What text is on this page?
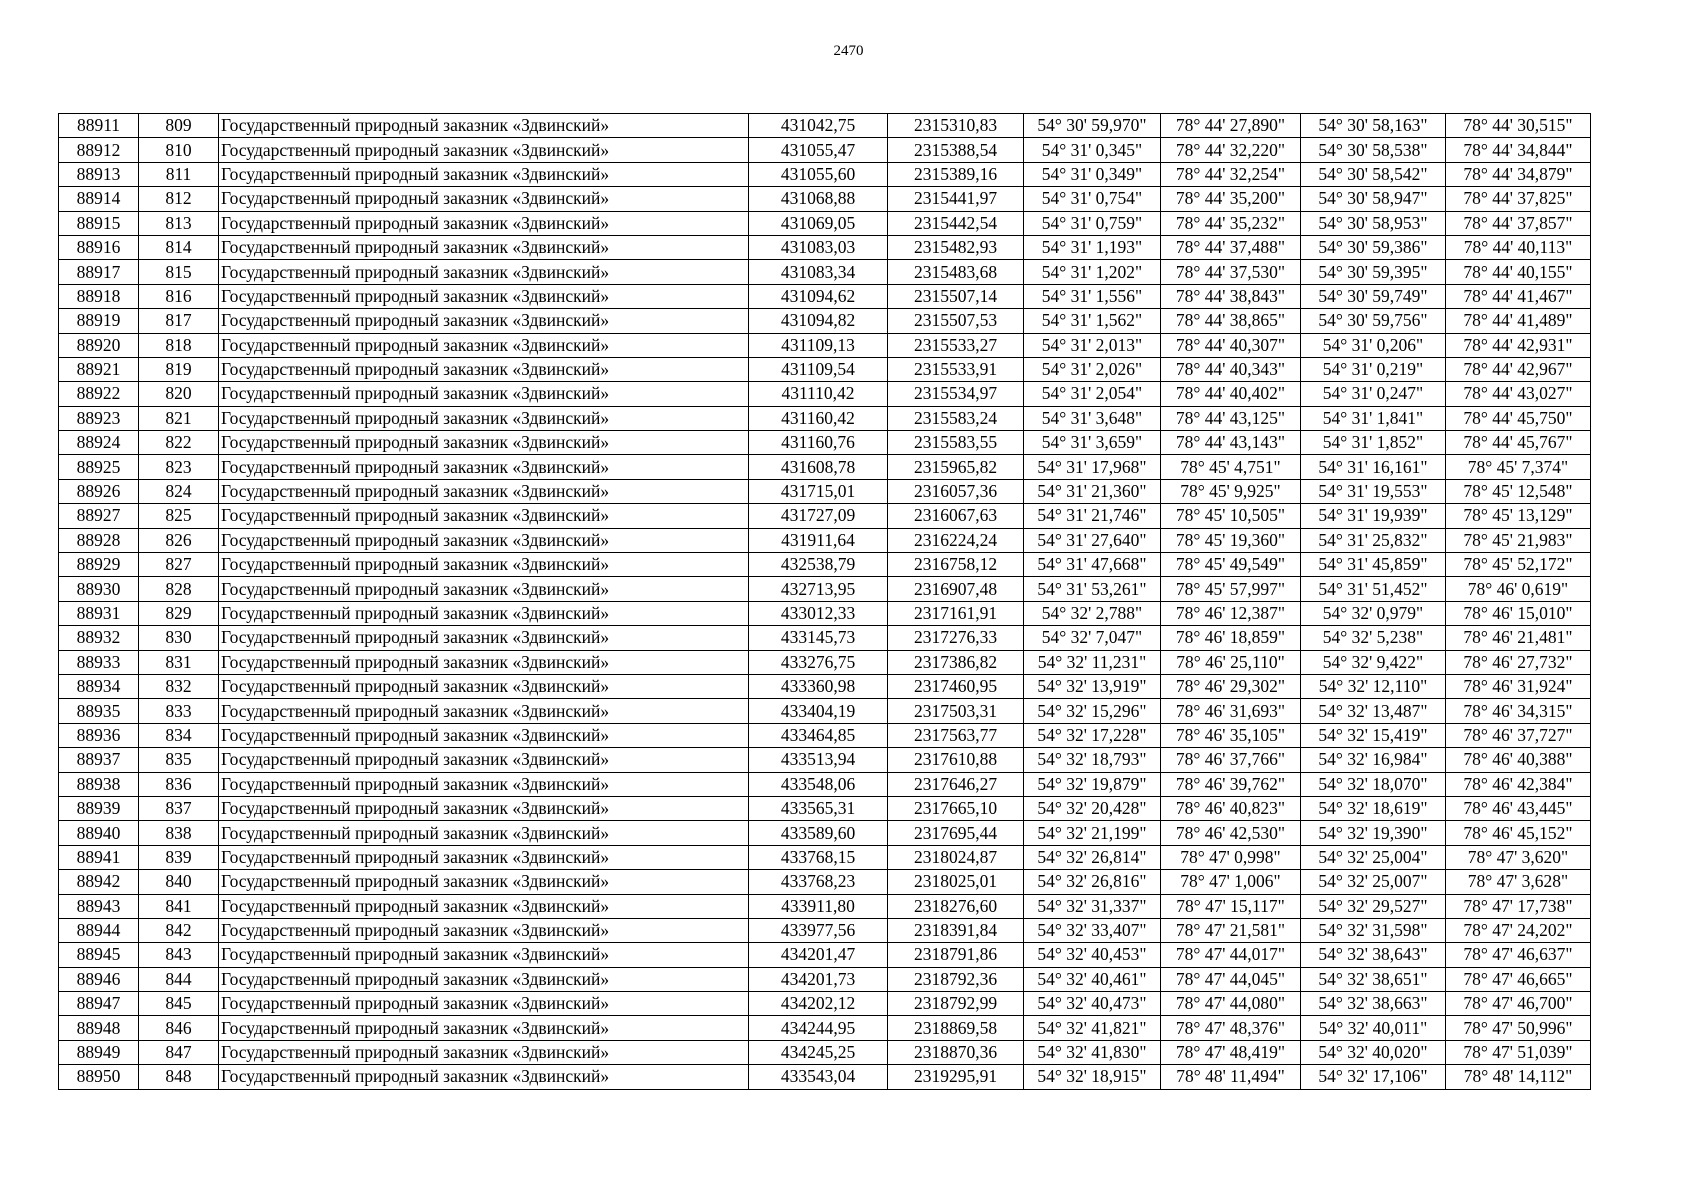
2470
88911	809	Государственный природный заказник «Здвинский»	431042,75	2315310,83	54° 30' 59,970"	78° 44' 27,890"	54° 30' 58,163"	78° 44' 30,515"
88912	810	Государственный природный заказник «Здвинский»	431055,47	2315388,54	54° 31' 0,345"	78° 44' 32,220"	54° 30' 58,538"	78° 44' 34,844"
88913	811	Государственный природный заказник «Здвинский»	431055,60	2315389,16	54° 31' 0,349"	78° 44' 32,254"	54° 30' 58,542"	78° 44' 34,879"
88914	812	Государственный природный заказник «Здвинский»	431068,88	2315441,97	54° 31' 0,754"	78° 44' 35,200"	54° 30' 58,947"	78° 44' 37,825"
88915	813	Государственный природный заказник «Здвинский»	431069,05	2315442,54	54° 31' 0,759"	78° 44' 35,232"	54° 30' 58,953"	78° 44' 37,857"
88916	814	Государственный природный заказник «Здвинский»	431083,03	2315482,93	54° 31' 1,193"	78° 44' 37,488"	54° 30' 59,386"	78° 44' 40,113"
88917	815	Государственный природный заказник «Здвинский»	431083,34	2315483,68	54° 31' 1,202"	78° 44' 37,530"	54° 30' 59,395"	78° 44' 40,155"
88918	816	Государственный природный заказник «Здвинский»	431094,62	2315507,14	54° 31' 1,556"	78° 44' 38,843"	54° 30' 59,749"	78° 44' 41,467"
88919	817	Государственный природный заказник «Здвинский»	431094,82	2315507,53	54° 31' 1,562"	78° 44' 38,865"	54° 30' 59,756"	78° 44' 41,489"
88920	818	Государственный природный заказник «Здвинский»	431109,13	2315533,27	54° 31' 2,013"	78° 44' 40,307"	54° 31' 0,206"	78° 44' 42,931"
88921	819	Государственный природный заказник «Здвинский»	431109,54	2315533,91	54° 31' 2,026"	78° 44' 40,343"	54° 31' 0,219"	78° 44' 42,967"
88922	820	Государственный природный заказник «Здвинский»	431110,42	2315534,97	54° 31' 2,054"	78° 44' 40,402"	54° 31' 0,247"	78° 44' 43,027"
88923	821	Государственный природный заказник «Здвинский»	431160,42	2315583,24	54° 31' 3,648"	78° 44' 43,125"	54° 31' 1,841"	78° 44' 45,750"
88924	822	Государственный природный заказник «Здвинский»	431160,76	2315583,55	54° 31' 3,659"	78° 44' 43,143"	54° 31' 1,852"	78° 44' 45,767"
88925	823	Государственный природный заказник «Здвинский»	431608,78	2315965,82	54° 31' 17,968"	78° 45' 4,751"	54° 31' 16,161"	78° 45' 7,374"
88926	824	Государственный природный заказник «Здвинский»	431715,01	2316057,36	54° 31' 21,360"	78° 45' 9,925"	54° 31' 19,553"	78° 45' 12,548"
88927	825	Государственный природный заказник «Здвинский»	431727,09	2316067,63	54° 31' 21,746"	78° 45' 10,505"	54° 31' 19,939"	78° 45' 13,129"
88928	826	Государственный природный заказник «Здвинский»	431911,64	2316224,24	54° 31' 27,640"	78° 45' 19,360"	54° 31' 25,832"	78° 45' 21,983"
88929	827	Государственный природный заказник «Здвинский»	432538,79	2316758,12	54° 31' 47,668"	78° 45' 49,549"	54° 31' 45,859"	78° 45' 52,172"
88930	828	Государственный природный заказник «Здвинский»	432713,95	2316907,48	54° 31' 53,261"	78° 45' 57,997"	54° 31' 51,452"	78° 46' 0,619"
88931	829	Государственный природный заказник «Здвинский»	433012,33	2317161,91	54° 32' 2,788"	78° 46' 12,387"	54° 32' 0,979"	78° 46' 15,010"
88932	830	Государственный природный заказник «Здвинский»	433145,73	2317276,33	54° 32' 7,047"	78° 46' 18,859"	54° 32' 5,238"	78° 46' 21,481"
88933	831	Государственный природный заказник «Здвинский»	433276,75	2317386,82	54° 32' 11,231"	78° 46' 25,110"	54° 32' 9,422"	78° 46' 27,732"
88934	832	Государственный природный заказник «Здвинский»	433360,98	2317460,95	54° 32' 13,919"	78° 46' 29,302"	54° 32' 12,110"	78° 46' 31,924"
88935	833	Государственный природный заказник «Здвинский»	433404,19	2317503,31	54° 32' 15,296"	78° 46' 31,693"	54° 32' 13,487"	78° 46' 34,315"
88936	834	Государственный природный заказник «Здвинский»	433464,85	2317563,77	54° 32' 17,228"	78° 46' 35,105"	54° 32' 15,419"	78° 46' 37,727"
88937	835	Государственный природный заказник «Здвинский»	433513,94	2317610,88	54° 32' 18,793"	78° 46' 37,766"	54° 32' 16,984"	78° 46' 40,388"
88938	836	Государственный природный заказник «Здвинский»	433548,06	2317646,27	54° 32' 19,879"	78° 46' 39,762"	54° 32' 18,070"	78° 46' 42,384"
88939	837	Государственный природный заказник «Здвинский»	433565,31	2317665,10	54° 32' 20,428"	78° 46' 40,823"	54° 32' 18,619"	78° 46' 43,445"
88940	838	Государственный природный заказник «Здвинский»	433589,60	2317695,44	54° 32' 21,199"	78° 46' 42,530"	54° 32' 19,390"	78° 46' 45,152"
88941	839	Государственный природный заказник «Здвинский»	433768,15	2318024,87	54° 32' 26,814"	78° 47' 0,998"	54° 32' 25,004"	78° 47' 3,620"
88942	840	Государственный природный заказник «Здвинский»	433768,23	2318025,01	54° 32' 26,816"	78° 47' 1,006"	54° 32' 25,007"	78° 47' 3,628"
88943	841	Государственный природный заказник «Здвинский»	433911,80	2318276,60	54° 32' 31,337"	78° 47' 15,117"	54° 32' 29,527"	78° 47' 17,738"
88944	842	Государственный природный заказник «Здвинский»	433977,56	2318391,84	54° 32' 33,407"	78° 47' 21,581"	54° 32' 31,598"	78° 47' 24,202"
88945	843	Государственный природный заказник «Здвинский»	434201,47	2318791,86	54° 32' 40,453"	78° 47' 44,017"	54° 32' 38,643"	78° 47' 46,637"
88946	844	Государственный природный заказник «Здвинский»	434201,73	2318792,36	54° 32' 40,461"	78° 47' 44,045"	54° 32' 38,651"	78° 47' 46,665"
88947	845	Государственный природный заказник «Здвинский»	434202,12	2318792,99	54° 32' 40,473"	78° 47' 44,080"	54° 32' 38,663"	78° 47' 46,700"
88948	846	Государственный природный заказник «Здвинский»	434244,95	2318869,58	54° 32' 41,821"	78° 47' 48,376"	54° 32' 40,011"	78° 47' 50,996"
88949	847	Государственный природный заказник «Здвинский»	434245,25	2318870,36	54° 32' 41,830"	78° 47' 48,419"	54° 32' 40,020"	78° 47' 51,039"
88950	848	Государственный природный заказник «Здвинский»	433543,04	2319295,91	54° 32' 18,915"	78° 48' 11,494"	54° 32' 17,106"	78° 48' 14,112"
